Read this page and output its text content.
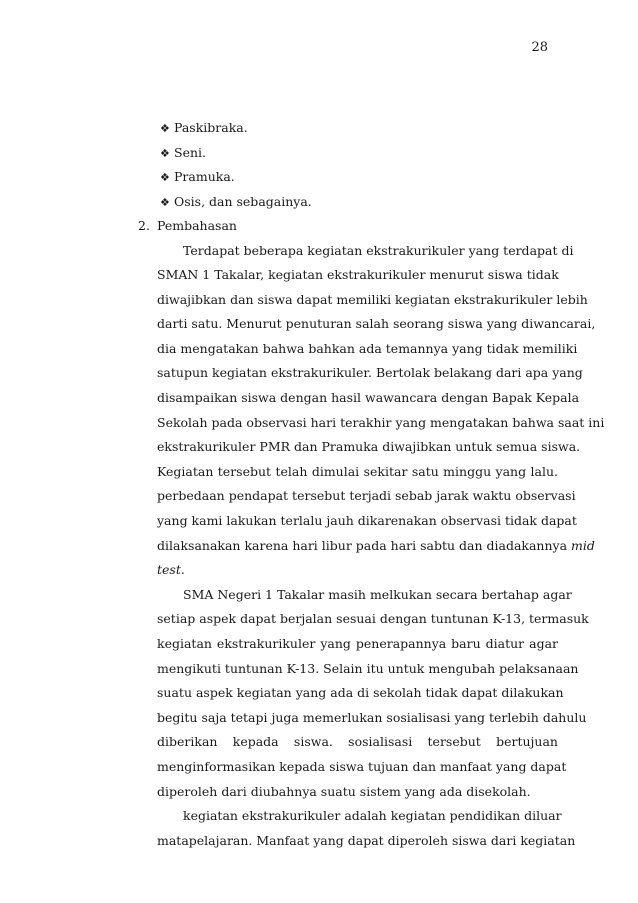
28
❖ Paskibraka.
❖ Seni.
❖ Pramuka.
❖ Osis, dan sebagainya.
2. Pembahasan

Terdapat beberapa kegiatan ekstrakurikuler yang terdapat di
SMAN 1 Takalar, kegiatan ekstrakurikuler menurut siswa tidak
diwajibkan dan siswa dapat memiliki kegiatan ekstrakurikuler lebih
darti satu. Menurut penuturan salah seorang siswa yang diwancarai,
dia mengatakan bahwa bahkan ada temannya yang tidak memiliki
satupun kegiatan ekstrakurikuler. Bertolak belakang dari apa yang
disampaikan siswa dengan hasil wawancara dengan Bapak Kepala
Sekolah pada observasi hari terakhir yang mengatakan bahwa saat ini
ekstrakurikuler PMR dan Pramuka diwajibkan untuk semua siswa.
Kegiatan tersebut telah dimulai sekitar satu minggu yang lalu.
perbedaan pendapat tersebut terjadi sebab jarak waktu observasi
yang kami lakukan terlalu jauh dikarenakan observasi tidak dapat
dilaksanakan karena hari libur pada hari sabtu dan diadakannya mid
test.

SMA Negeri 1 Takalar masih melkukan secara bertahap agar
setiap aspek dapat berjalan sesuai dengan tuntunan K-13, termasuk
kegiatan ekstrakurikuler yang penerapannya baru diatur agar
mengikuti tuntunan K-13. Selain itu untuk mengubah pelaksanaan
suatu aspek kegiatan yang ada di sekolah tidak dapat dilakukan
begitu saja tetapi juga memerlukan sosialisasi yang terlebih dahulu
diberikan kepada siswa. sosialisasi tersebut bertujuan
menginformasikan kepada siswa tujuan dan manfaat yang dapat
diperoleh dari diubahnya suatu sistem yang ada disekolah.

kegiatan ekstrakurikuler adalah kegiatan pendidikan diluar
matapelajaran. Manfaat yang dapat diperoleh siswa dari kegiatan
